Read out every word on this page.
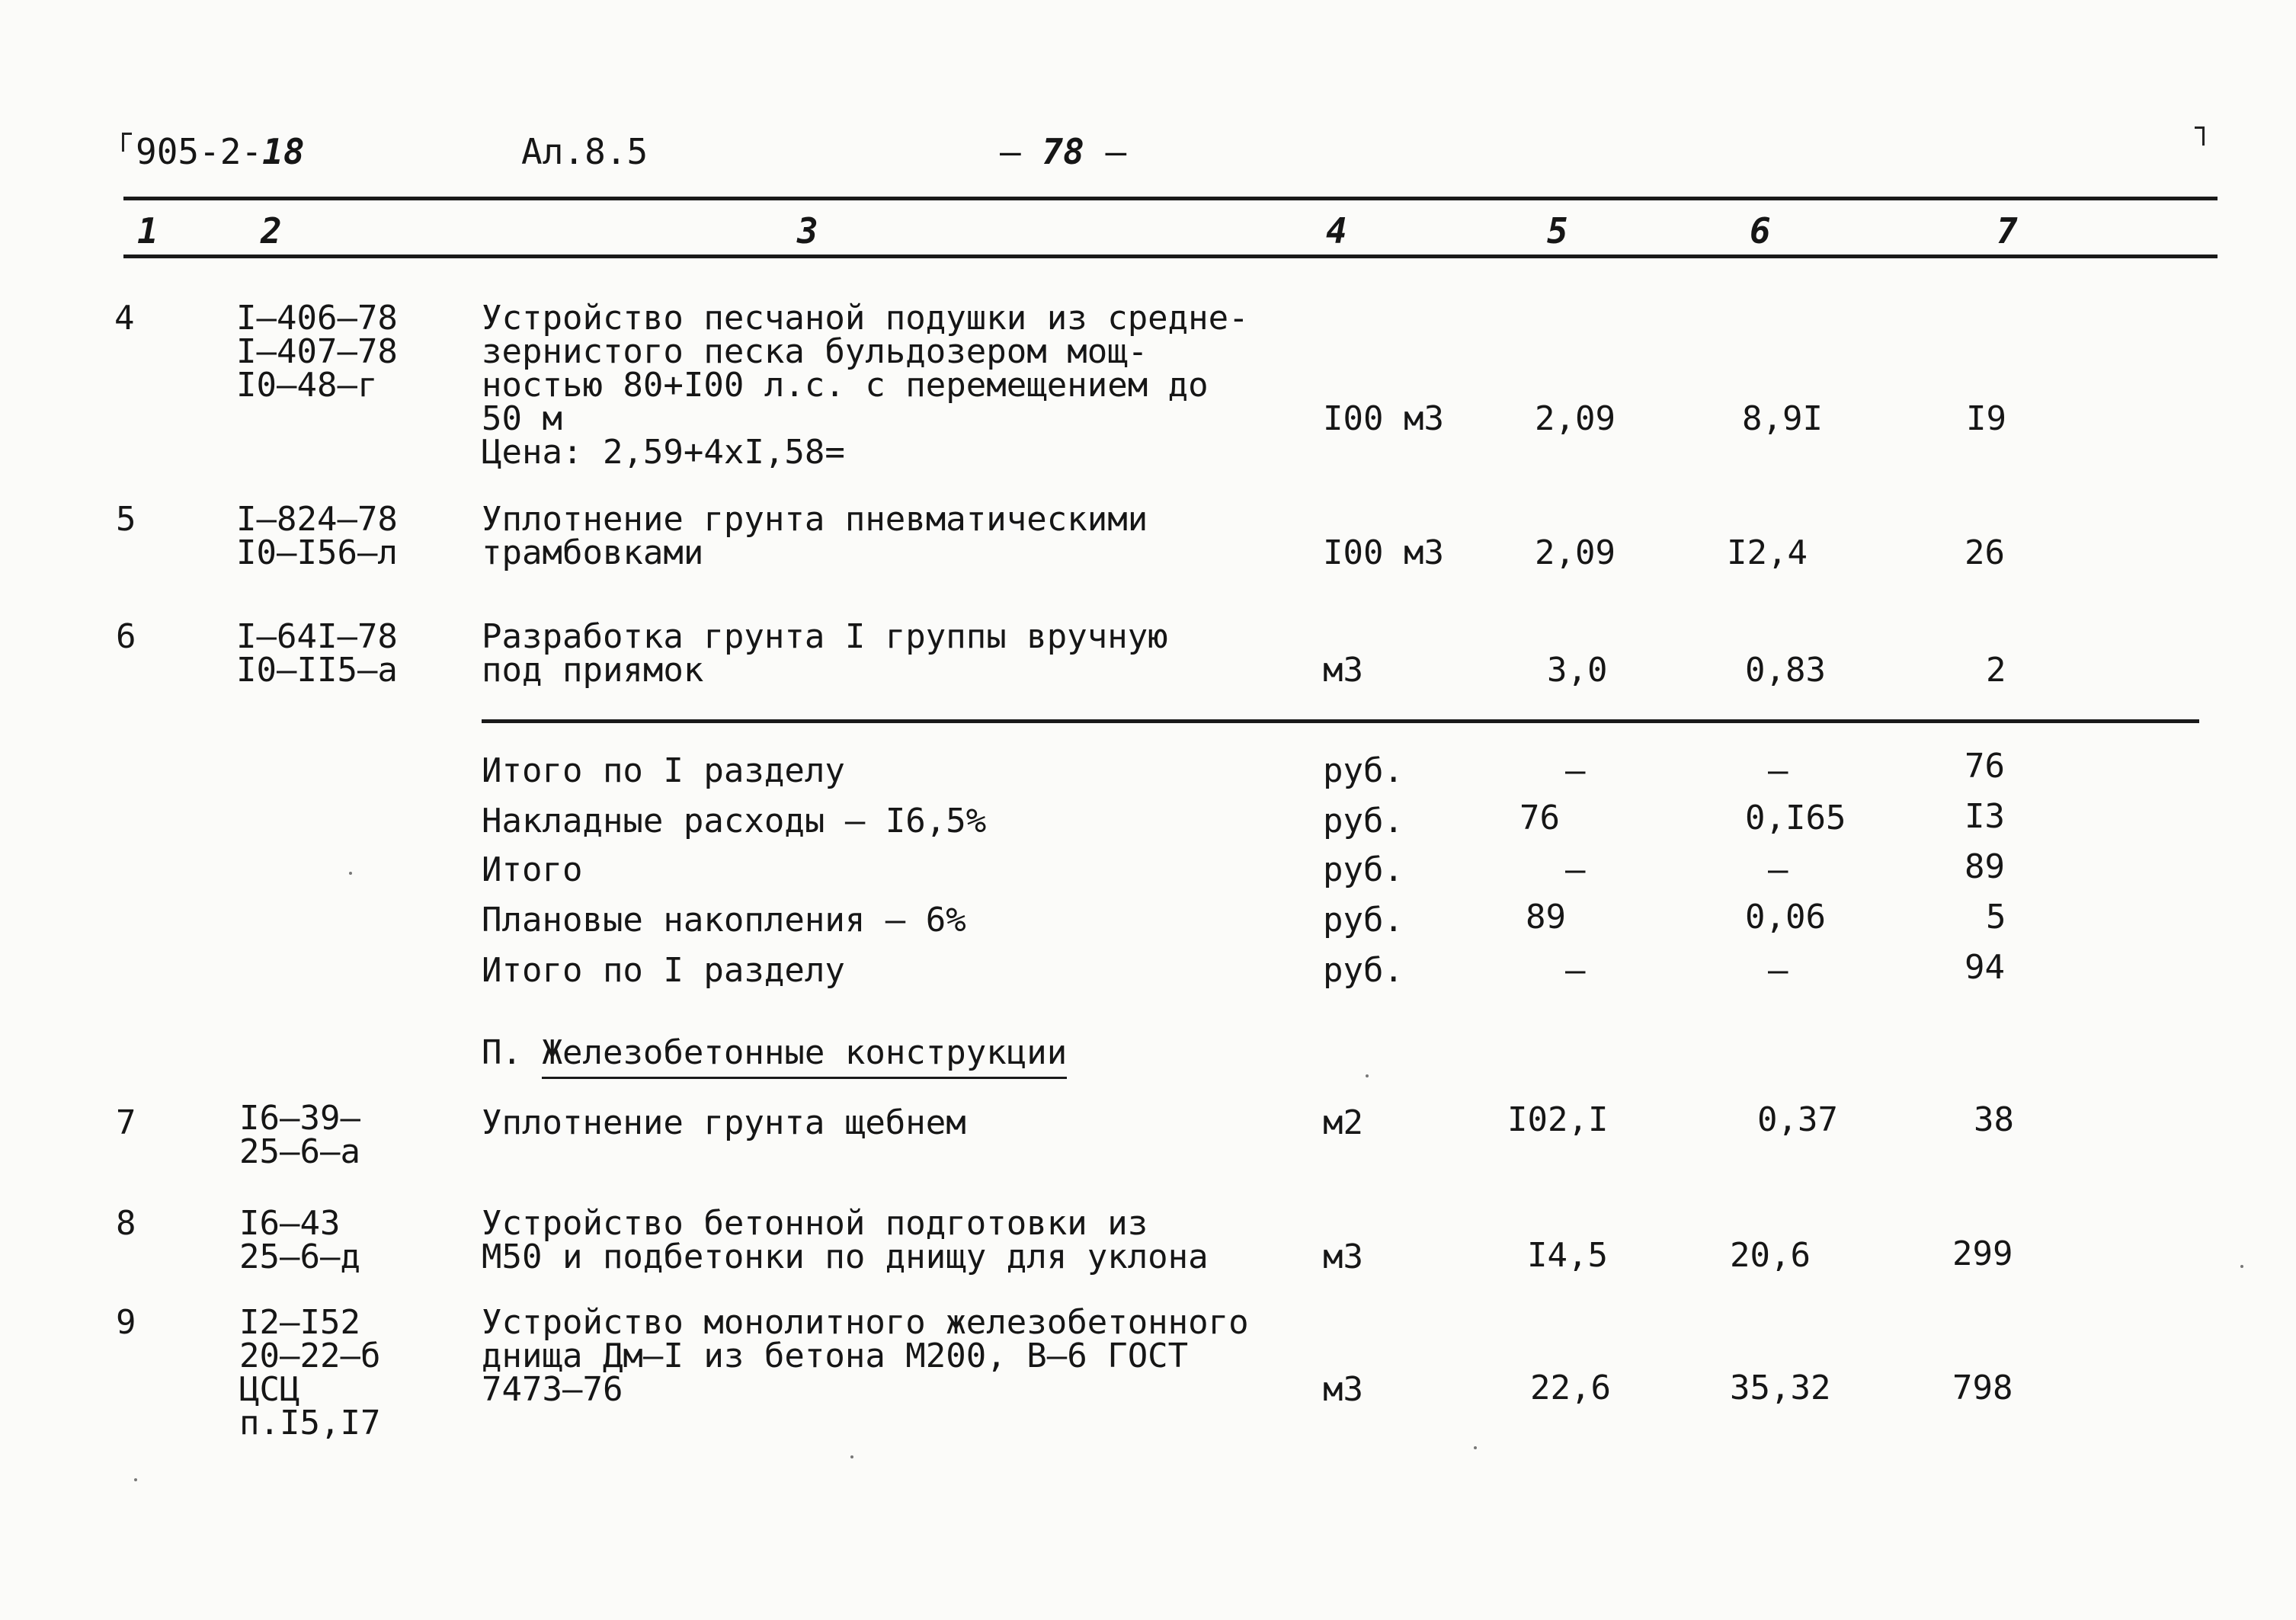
905-2-18	Ал.8.5	– 78 –
1	2	3	4	5	6	7
4	I–406–78
I–407–78
I0–48–г
Устройство песчаной подушки из средне-
зернистого песка бульдозером мощ-
ностью 80+I00 л.с. с перемещением до
50 м
Цена: 2,59+4xI,58=
I00 м3	2,09	8,9I	I9
5	I–824–78
I0–I56–л
Уплотнение грунта пневматическими
трамбовками	I00 м3	2,09	I2,4	26
6	I–64I–78
I0–II5–а
Разработка грунта I группы вручную
под приямок	м3	3,0	0,83	2
Итого по I разделу	руб.	–	–	76
Накладные расходы – I6,5%	руб.	76	0,I65	I3
Итого	руб.	–	–	89
Плановые накопления – 6%	руб.	89	0,06	5
Итого по I разделу	руб.	–	–	94
П. Железобетонные конструкции
7	I6–39–
25–6–а
Уплотнение грунта щебнем	м2	I02,I	0,37	38
8	I6–43
25–6–д
Устройство бетонной подготовки из
М50 и подбетонки по днищу для уклона	м3	I4,5	20,6	299
9	I2–I52
20–22–б
ЦСЦ
п.I5,I7
Устройство монолитного железобетонного
днища Дм–I из бетона М200, В–6 ГОСТ
7473–76	м3	22,6	35,32	798
